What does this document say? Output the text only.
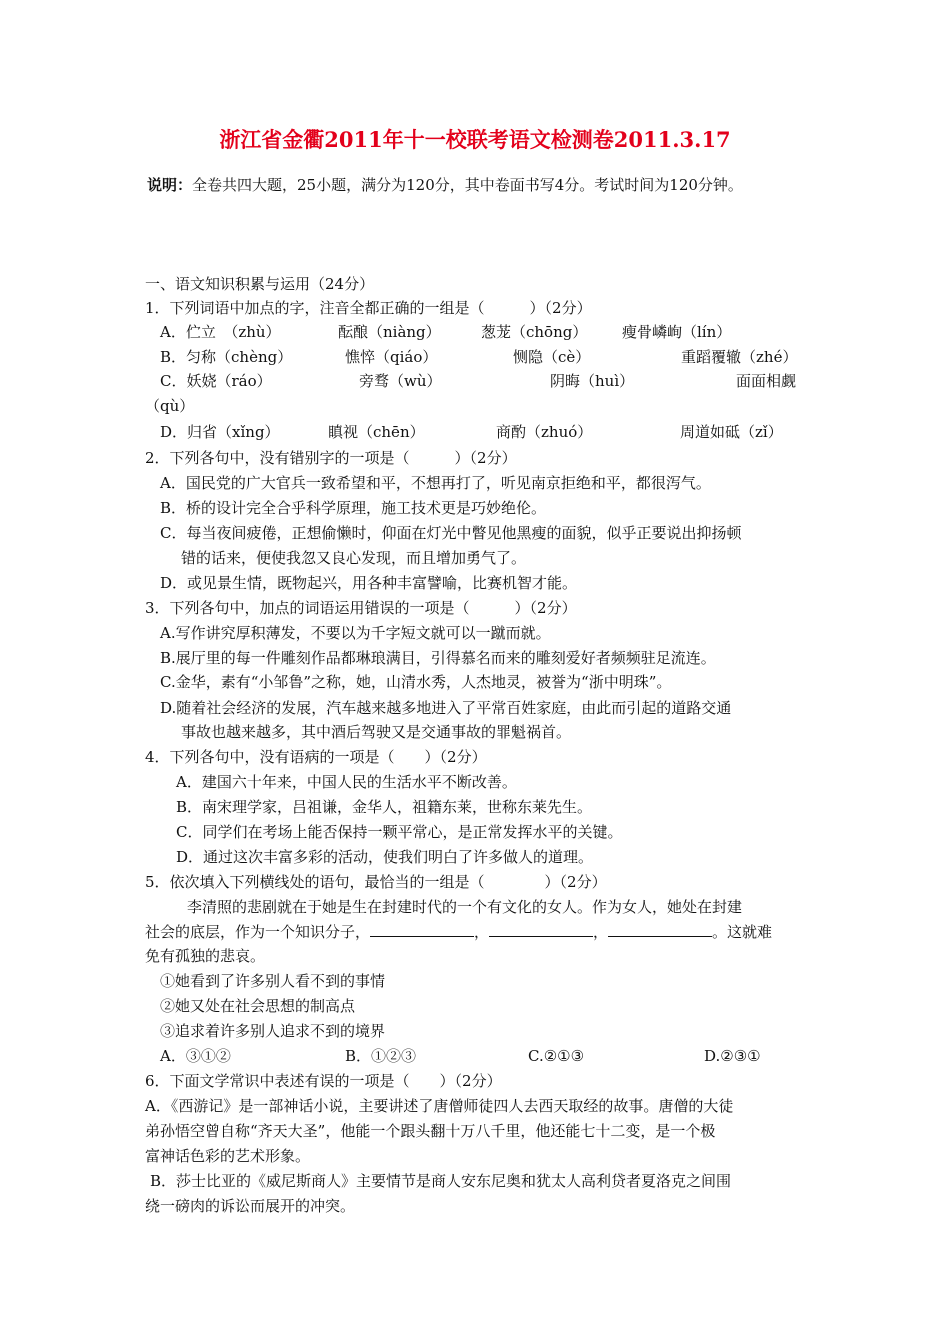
浙江省金衢2011年十一校联考语文检测卷2011.3.17
说明：全卷共四大题，25小题，满分为120分，其中卷面书写4分。考试时间为120分钟。
一、语文知识积累与运用（24分）
1．下列词语中加点的字，注音全都正确的一组是（　　　）（2分）
A．伫立　（zhù）	酝酿（niàng）	葱茏（chōng） 瘦骨嶙峋（lín）
B．匀称（chèng）	憔悴（qiáo）	恻隐（cè）	重蹈覆辙（zhé）
C．妖娆（ráo）	旁骛（wù）	阴晦（huì）	面面相觑
（qù）
D．归省（xǐng）	瞋视（chēn）	商酌（zhuó）	周道如砥（zǐ）
2．下列各句中，没有错别字的一项是（　　　）（2分）
A．国民党的广大官兵一致希望和平，不想再打了，听见南京拒绝和平，都很泻气。
B．桥的设计完全合乎科学原理，施工技术更是巧妙绝伦。
C．每当夜间疲倦，正想偷懒时，仰面在灯光中瞥见他黑瘦的面貌，似乎正要说出抑扬顿
错的话来，便使我忽又良心发现，而且增加勇气了。
D．或见景生情，既物起兴，用各种丰富譬喻，比赛机智才能。
3．下列各句中，加点的词语运用错误的一项是（　　　）（2分）
A.写作讲究厚积薄发，不要以为千字短文就可以一蹴而就。
B.展厅里的每一件雕刻作品都琳琅满目，引得慕名而来的雕刻爱好者频频驻足流连。
C.金华，素有“小邹鲁”之称，她，山清水秀，人杰地灵，被誉为“浙中明珠”。
D.随着社会经济的发展，汽车越来越多地进入了平常百姓家庭，由此而引起的道路交通
事故也越来越多，其中酒后驾驶又是交通事故的罪魁祸首。
4．下列各句中，没有语病的一项是（　　）（2分）
A．建国六十年来，中国人民的生活水平不断改善。
B．南宋理学家，吕祖谦，金华人，祖籍东莱，世称东莱先生。
C．同学们在考场上能否保持一颗平常心，是正常发挥水平的关键。
D．通过这次丰富多彩的活动，使我们明白了许多做人的道理。
5．依次填入下列横线处的语句，最恰当的一组是（　　　　）（2分）
李清照的悲剧就在于她是生在封建时代的一个有文化的女人。作为女人，她处在封建
社会的底层，作为一个知识分子，	，	，	。这就难
免有孤独的悲哀。
①她看到了许多别人看不到的事情
②她又处在社会思想的制高点
③追求着许多别人追求不到的境界
A．③①②	B．①②③	C.②①③	D.②③①
6．下面文学常识中表述有误的一项是（　　）（2分）
A．《西游记》是一部神话小说，主要讲述了唐僧师徒四人去西天取经的故事。唐僧的大徒
弟孙悟空曾自称“齐天大圣”，他能一个跟头翻十万八千里，他还能七十二变，是一个极
富神话色彩的艺术形象。
B．莎士比亚的《威尼斯商人》主要情节是商人安东尼奥和犹太人高利贷者夏洛克之间围
绕一磅肉的诉讼而展开的冲突。
